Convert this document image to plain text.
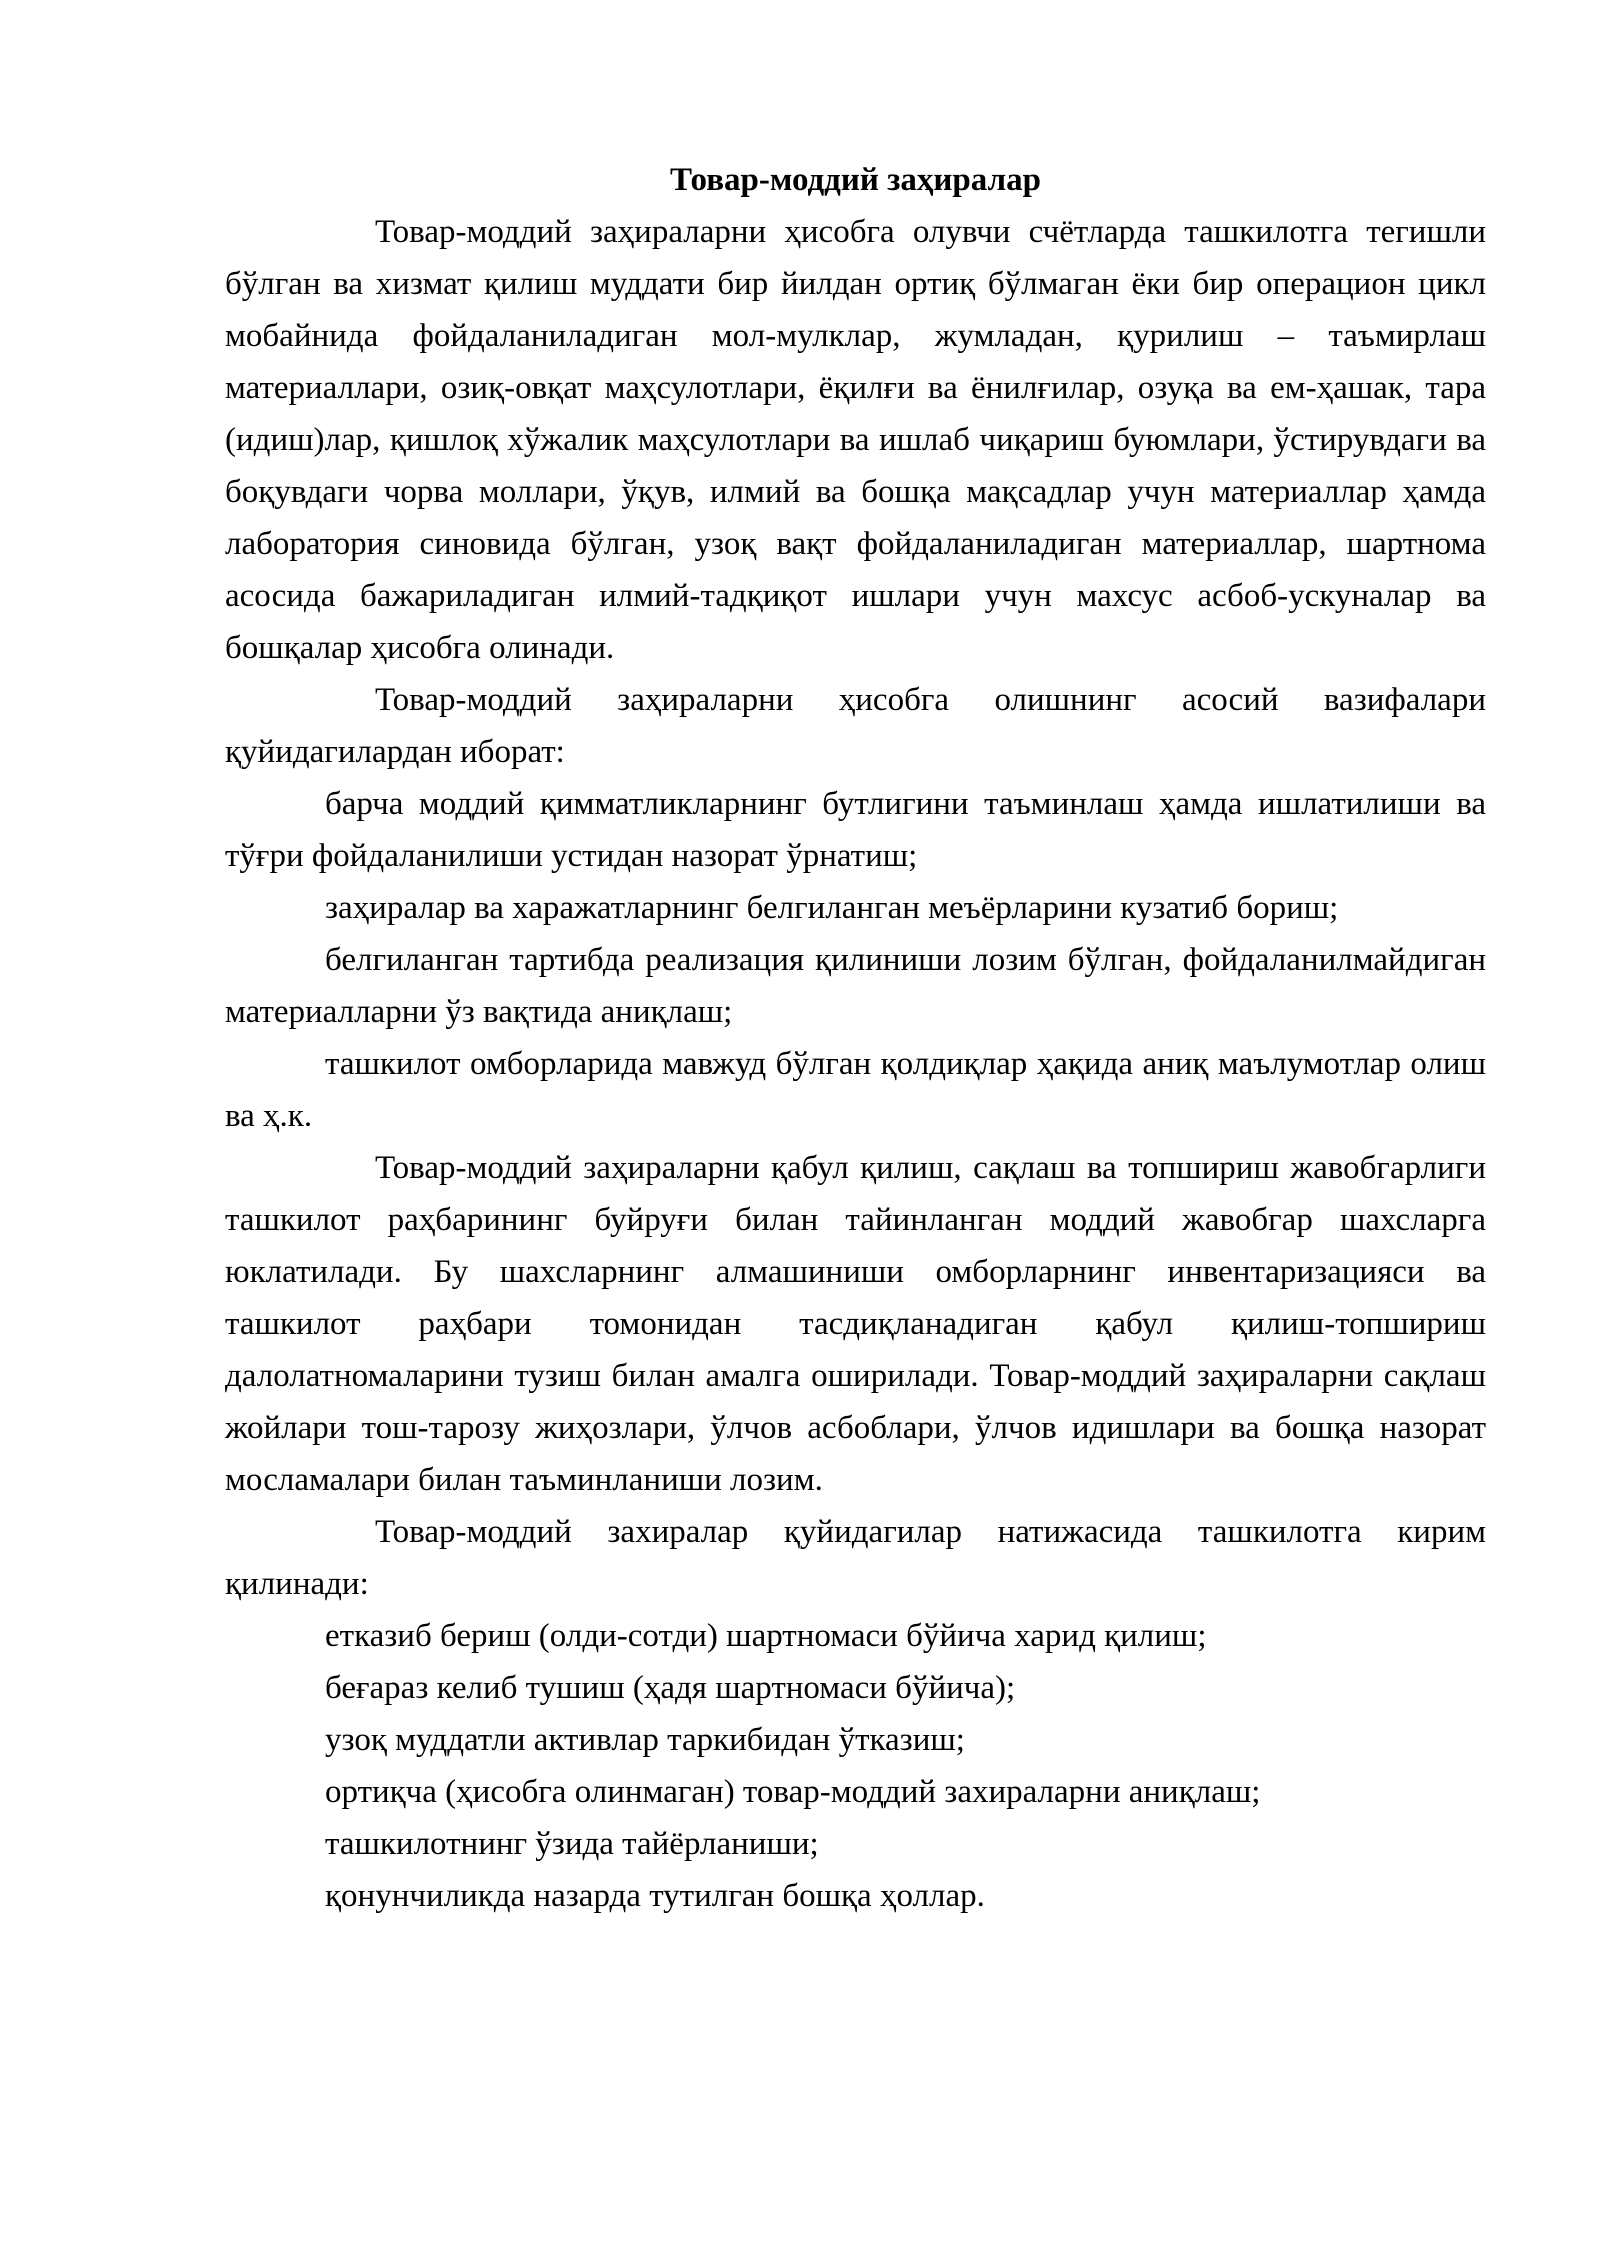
Товар-моддий заҳиралар

Товар-моддий заҳираларни ҳисобга олувчи счётларда ташкилотга тегишли бўлган ва хизмат қилиш муддати бир йилдан ортиқ бўлмаган ёки бир операцион цикл мобайнида фойдаланиладиган мол-мулклар, жумладан, қурилиш – таъмирлаш материаллари, озиқ-овқат маҳсулотлари, ёқилғи ва ёнилғилар, озуқа ва ем-ҳашак, тара (идиш)лар, қишлоқ хўжалик маҳсулотлари ва ишлаб чиқариш буюмлари, ўстирувдаги ва боқувдаги чорва моллари, ўқув, илмий ва бошқа мақсадлар учун материаллар ҳамда лаборатория синовида бўлган, узоқ вақт фойдаланиладиган материаллар, шартнома асосида бажариладиган илмий-тадқиқот ишлари учун махсус асбоб-ускуналар ва бошқалар ҳисобга олинади.

Товар-моддий заҳираларни ҳисобга олишнинг асосий вазифалари қуйидагилардан иборат:

барча моддий қимматликларнинг бутлигини таъминлаш ҳамда ишлатилиши ва тўғри фойдаланилиши устидан назорат ўрнатиш;

заҳиралар ва харажатларнинг белгиланган меъёрларини кузатиб бориш;

белгиланган тартибда реализация қилиниши лозим бўлган, фойдаланилмайдиган материалларни ўз вақтида аниқлаш;

ташкилот омборларида мавжуд бўлган қолдиқлар ҳақида аниқ маълумотлар олиш ва ҳ.к.

Товар-моддий заҳираларни қабул қилиш, сақлаш ва топшириш жавобгарлиги ташкилот раҳбарининг буйруғи билан тайинланган моддий жавобгар шахсларга юклатилади. Бу шахсларнинг алмашиниши омборларнинг инвентаризацияси ва ташкилот раҳбари томонидан тасдиқланадиган қабул қилиш-топшириш далолатномаларини тузиш билан амалга оширилади. Товар-моддий заҳираларни сақлаш жойлари тош-тарозу жиҳозлари, ўлчов асбоблари, ўлчов идишлари ва бошқа назорат мосламалари билан таъминланиши лозим.

Товар-моддий захиралар қуйидагилар натижасида ташкилотга кирим қилинади:

етказиб бериш (олди-сотди) шартномаси бўйича харид қилиш;

беғараз келиб тушиш (ҳадя шартномаси бўйича);

узоқ муддатли активлар таркибидан ўтказиш;

ортиқча (ҳисобга олинмаган) товар-моддий захираларни аниқлаш;

ташкилотнинг ўзида тайёрланиши;

қонунчиликда назарда тутилган бошқа ҳоллар.
